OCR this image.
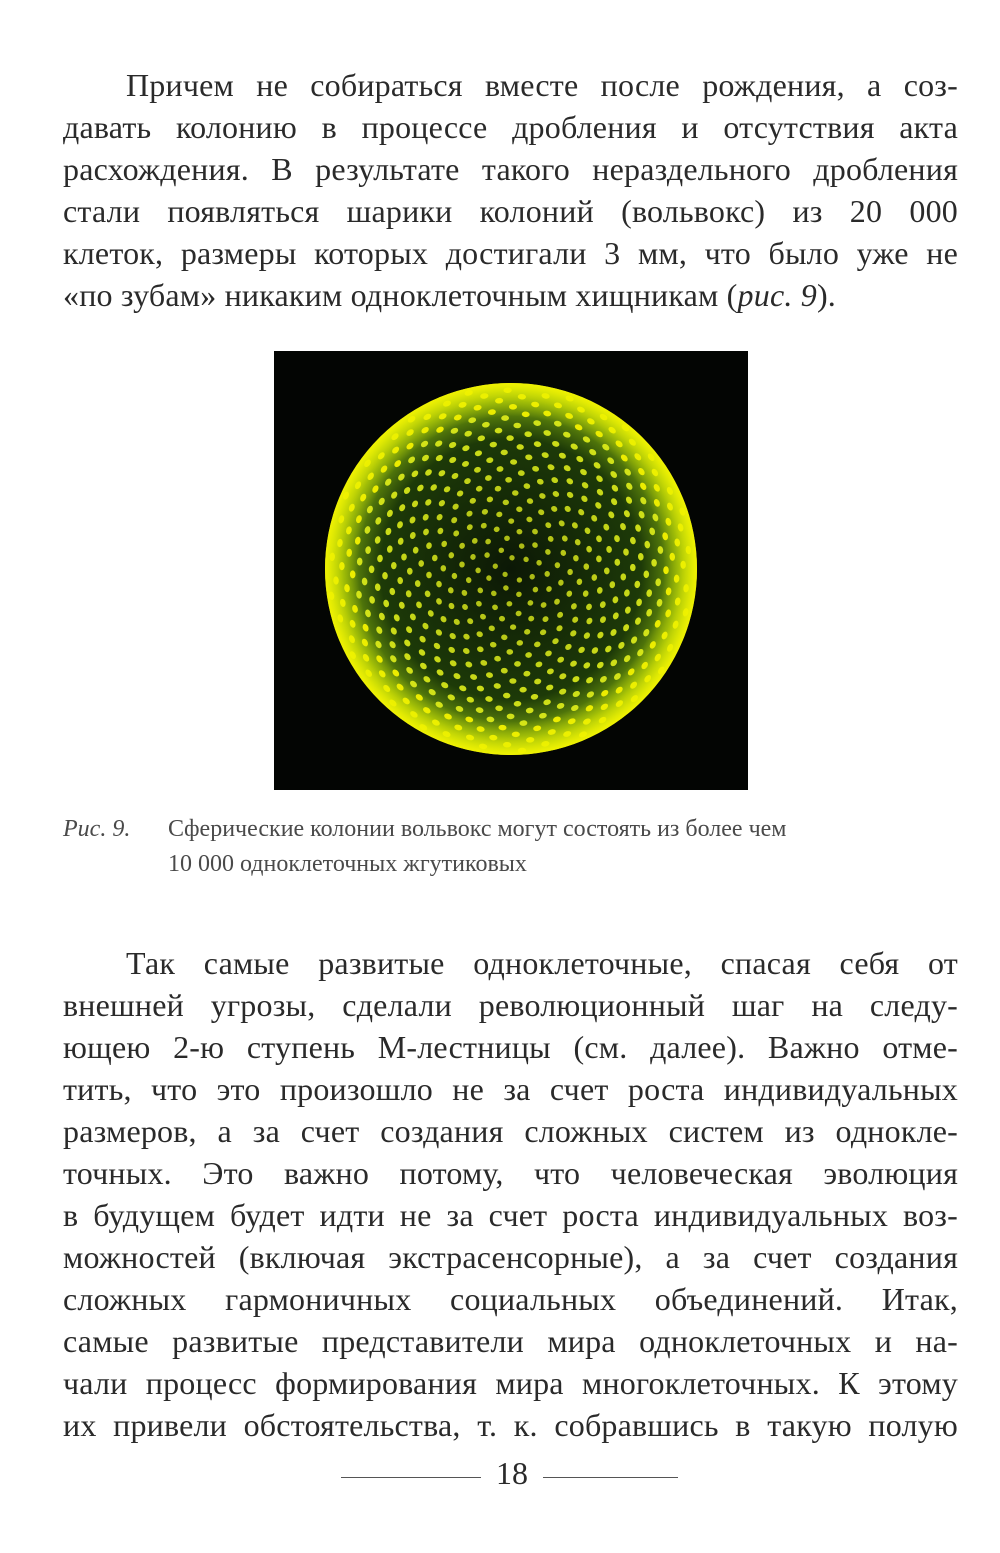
Причем не собираться вместе после рождения, а соз-
давать колонию в процессе дробления и отсутствия акта
расхождения. В результате такого нераздельного дробления
стали появляться шарики колоний (вольвокс) из 20 000
клеток, размеры которых достигали 3 мм, что было уже не
«по зубам» никаким одноклеточным хищникам (рис. 9).
Рис. 9. Сферические колонии вольвокс могут состоять из более чем
10 000 одноклеточных жгутиковых
Так самые развитые одноклеточные, спасая себя от
внешней угрозы, сделали революционный шаг на следу-
ющею 2-ю ступень М-лестницы (см. далее). Важно отме-
тить, что это произошло не за счет роста индивидуальных
размеров, а за счет создания сложных систем из однокле-
точных. Это важно потому, что человеческая эволюция
в будущем будет идти не за счет роста индивидуальных воз-
можностей (включая экстрасенсорные), а за счет создания
сложных гармоничных социальных объединений. Итак,
самые развитые представители мира одноклеточных и на-
чали процесс формирования мира многоклеточных. К этому
их привели обстоятельства, т. к. собравшись в такую полую
18
